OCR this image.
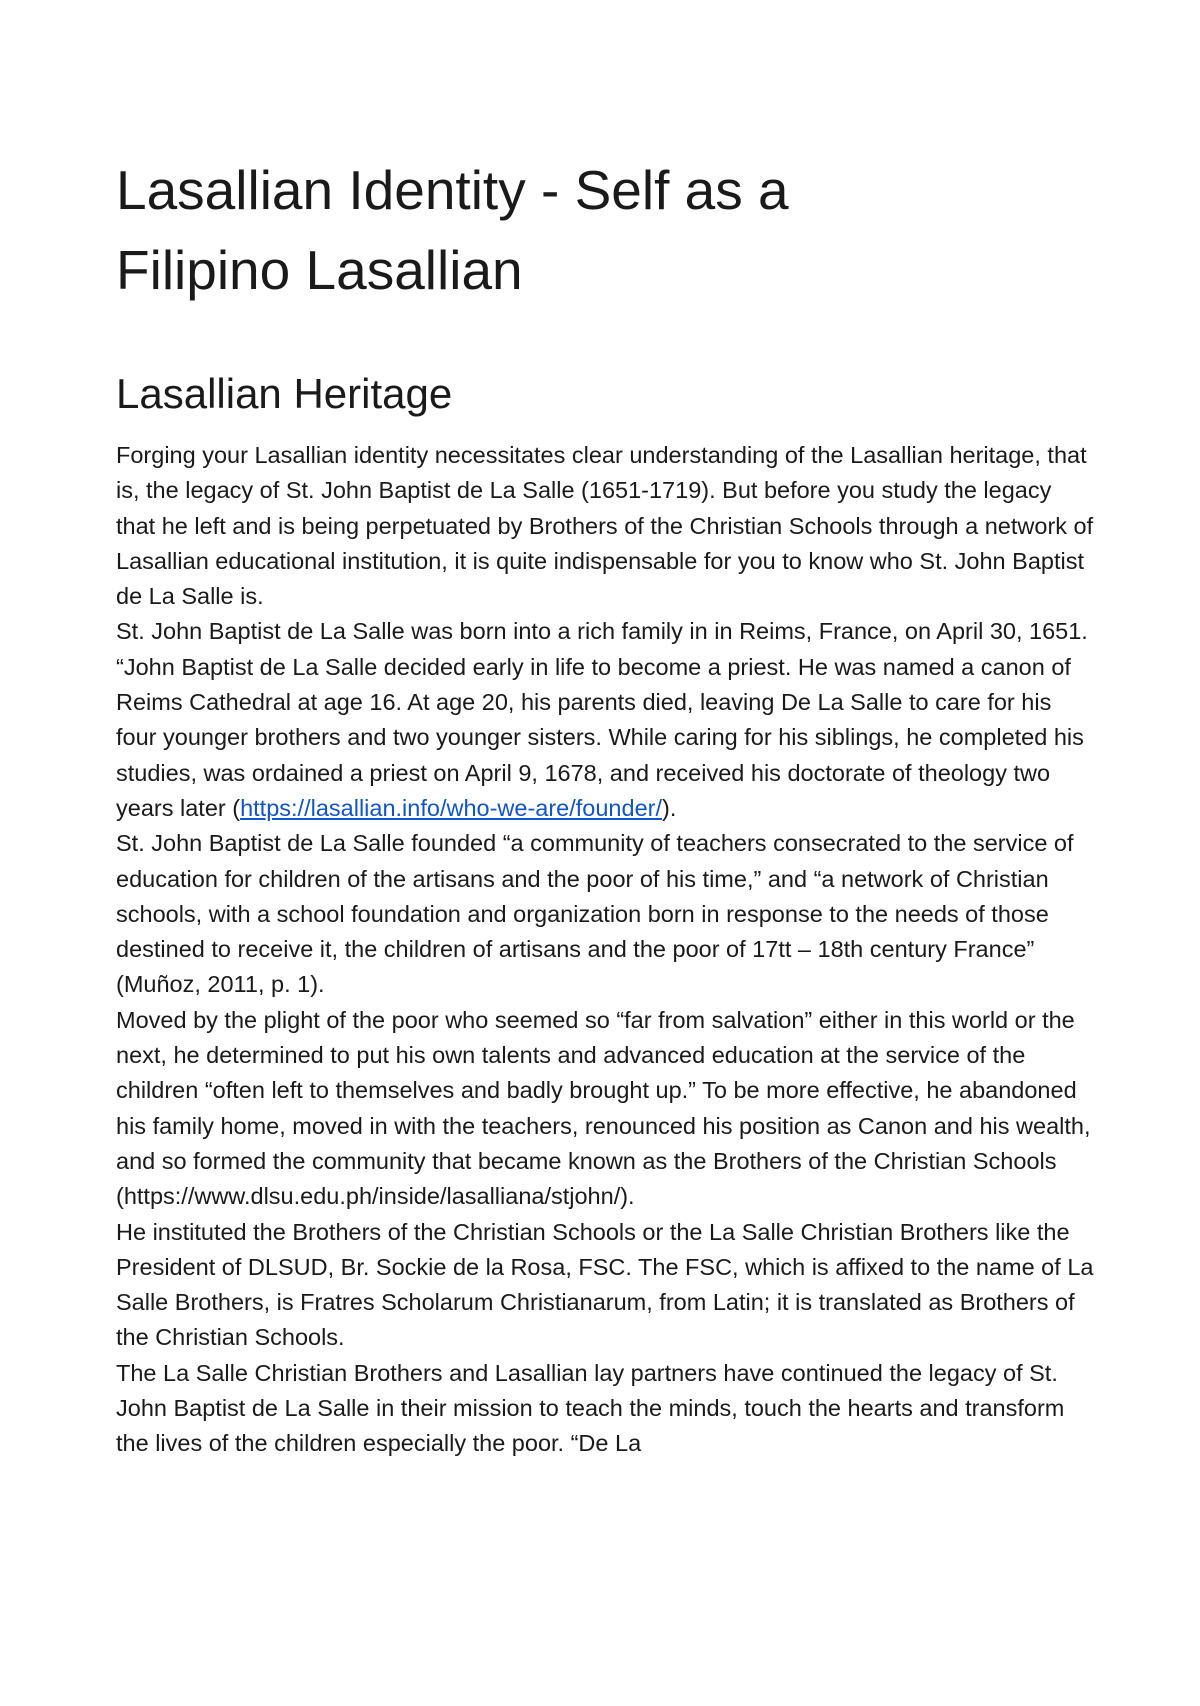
Lasallian Identity - Self as a
Filipino Lasallian
Lasallian Heritage

Forging your Lasallian identity necessitates clear understanding of the Lasallian heritage, that is, the legacy of St. John Baptist de La Salle (1651-1719). But before you study the legacy that he left and is being perpetuated by Brothers of the Christian Schools through a network of Lasallian educational institution, it is quite indispensable for you to know who St. John Baptist de La Salle is.

St. John Baptist de La Salle was born into a rich family in in Reims, France, on April 30, 1651.

“John Baptist de La Salle decided early in life to become a priest. He was named a canon of Reims Cathedral at age 16. At age 20, his parents died, leaving De La Salle to care for his four younger brothers and two younger sisters. While caring for his siblings, he completed his studies, was ordained a priest on April 9, 1678, and received his doctorate of theology two years later (https://lasallian.info/who-we-are/founder/).

St. John Baptist de La Salle founded “a community of teachers consecrated to the service of education for children of the artisans and the poor of his time,” and “a network of Christian schools, with a school foundation and organization born in response to the needs of those destined to receive it, the children of artisans and the poor of 17tt – 18th century France” (Muñoz, 2011, p. 1).

Moved by the plight of the poor who seemed so “far from salvation” either in this world or the next, he determined to put his own talents and advanced education at the service of the children “often left to themselves and badly brought up.” To be more effective, he abandoned his family home, moved in with the teachers, renounced his position as Canon and his wealth, and so formed the community that became known as the Brothers of the Christian Schools (https://www.dlsu.edu.ph/inside/lasalliana/stjohn/).

He instituted the Brothers of the Christian Schools or the La Salle Christian Brothers like the President of DLSUD, Br. Sockie de la Rosa, FSC. The FSC, which is affixed to the name of La Salle Brothers, is Fratres Scholarum Christianarum, from Latin; it is translated as Brothers of the Christian Schools.

The La Salle Christian Brothers and Lasallian lay partners have continued the legacy of St. John Baptist de La Salle in their mission to teach the minds, touch the hearts and transform the lives of the children especially the poor. “De La
